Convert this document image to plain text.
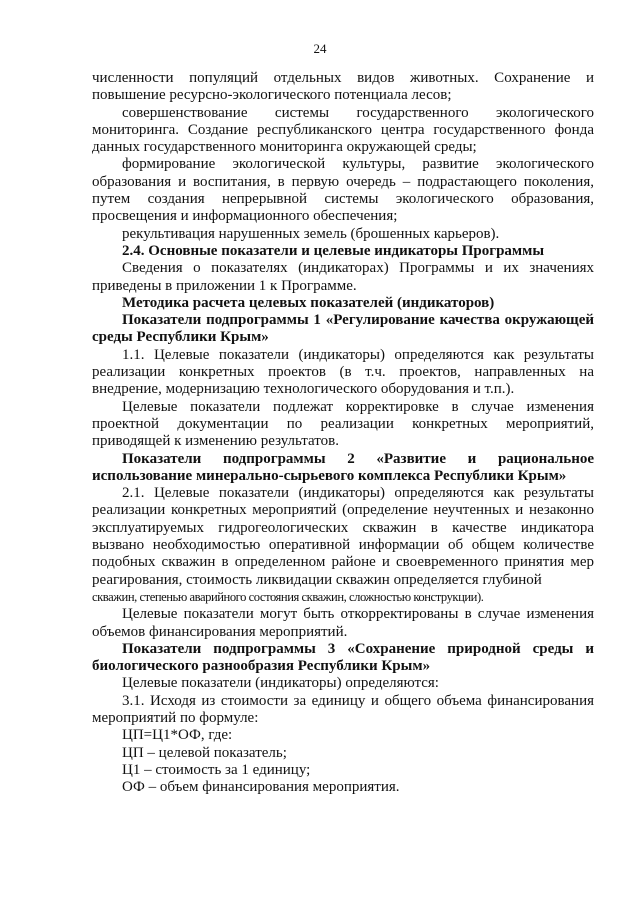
24

численности популяций отдельных видов животных. Сохранение и повышение ресурсно-экологического потенциала лесов;

совершенствование системы государственного экологического мониторинга. Создание республиканского центра государственного фонда данных государственного мониторинга окружающей среды;

формирование экологической культуры, развитие экологического образования и воспитания, в первую очередь – подрастающего поколения, путем создания непрерывной системы экологического образования, просвещения и информационного обеспечения;

рекультивация нарушенных земель (брошенных карьеров).

2.4. Основные показатели и целевые индикаторы Программы

Сведения о показателях (индикаторах) Программы и их значениях приведены в приложении 1 к Программе.

Методика расчета целевых показателей (индикаторов)

Показатели подпрограммы 1 «Регулирование качества окружающей среды Республики Крым»

1.1. Целевые показатели (индикаторы) определяются как результаты реализации конкретных проектов (в т.ч. проектов, направленных на внедрение, модернизацию технологического оборудования и т.п.).

Целевые показатели подлежат корректировке в случае изменения проектной документации по реализации конкретных мероприятий, приводящей к изменению результатов.

Показатели подпрограммы 2 «Развитие и рациональное использование минерально-сырьевого комплекса Республики Крым»

2.1. Целевые показатели (индикаторы) определяются как результаты реализации конкретных мероприятий (определение неучтенных и незаконно эксплуатируемых гидрогеологических скважин в качестве индикатора вызвано необходимостью оперативной информации об общем количестве подобных скважин в определенном районе и своевременного принятия мер реагирования, стоимость ликвидации скважин определяется глубиной

скважин, степенью аварийного состояния скважин, сложностью конструкции).

Целевые показатели могут быть откорректированы в случае изменения объемов финансирования мероприятий.

Показатели подпрограммы 3 «Сохранение природной среды и биологического разнообразия Республики Крым»

Целевые показатели (индикаторы) определяются:

3.1. Исходя из стоимости за единицу и общего объема финансирования мероприятий по формуле:

ЦП=Ц1*ОФ, где:

ЦП – целевой показатель;

Ц1 – стоимость за 1 единицу;

ОФ – объем финансирования мероприятия.
